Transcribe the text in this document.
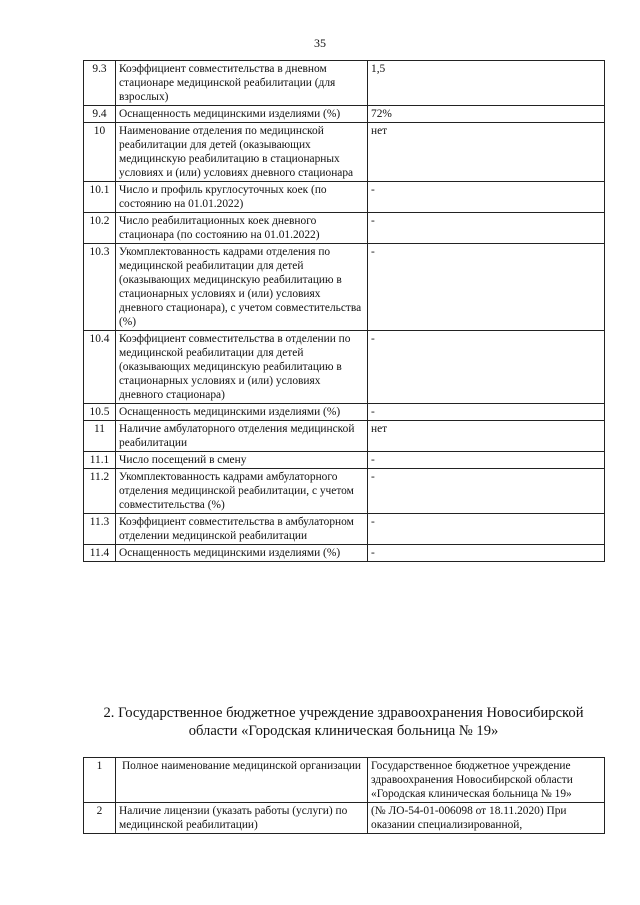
35
9.3	Коэффициент совместительства в дневном стационаре медицинской реабилитации (для взрослых)	1,5
9.4	Оснащенность медицинскими изделиями (%)	72%
10	Наименование отделения по медицинской реабилитации для детей (оказывающих медицинскую реабилитацию в стационарных условиях и (или) условиях дневного стационара	нет
10.1	Число и профиль круглосуточных коек (по состоянию на 01.01.2022)	-
10.2	Число реабилитационных коек дневного стационара (по состоянию на 01.01.2022)	-
10.3	Укомплектованность кадрами отделения по медицинской реабилитации для детей (оказывающих медицинскую реабилитацию в стационарных условиях и (или) условиях дневного стационара), с учетом совместительства (%)	-
10.4	Коэффициент совместительства в отделении по медицинской реабилитации для детей (оказывающих медицинскую реабилитацию в стационарных условиях и (или) условиях дневного стационара)	-
10.5	Оснащенность медицинскими изделиями (%)	-
11	Наличие амбулаторного отделения медицинской реабилитации	нет
11.1	Число посещений в смену	-
11.2	Укомплектованность кадрами амбулаторного отделения медицинской реабилитации, с учетом совместительства (%)	-
11.3	Коэффициент совместительства в амбулаторном отделении медицинской реабилитации	-
11.4	Оснащенность медицинскими изделиями (%)	-
2. Государственное бюджетное учреждение здравоохранения Новосибирской области «Городская клиническая больница № 19»
1	Полное наименование медицинской организации	Государственное бюджетное учреждение здравоохранения Новосибирской области «Городская клиническая больница № 19»
2	Наличие лицензии (указать работы (услуги) по медицинской реабилитации)	(№ ЛО-54-01-006098 от 18.11.2020) При оказании специализированной,
